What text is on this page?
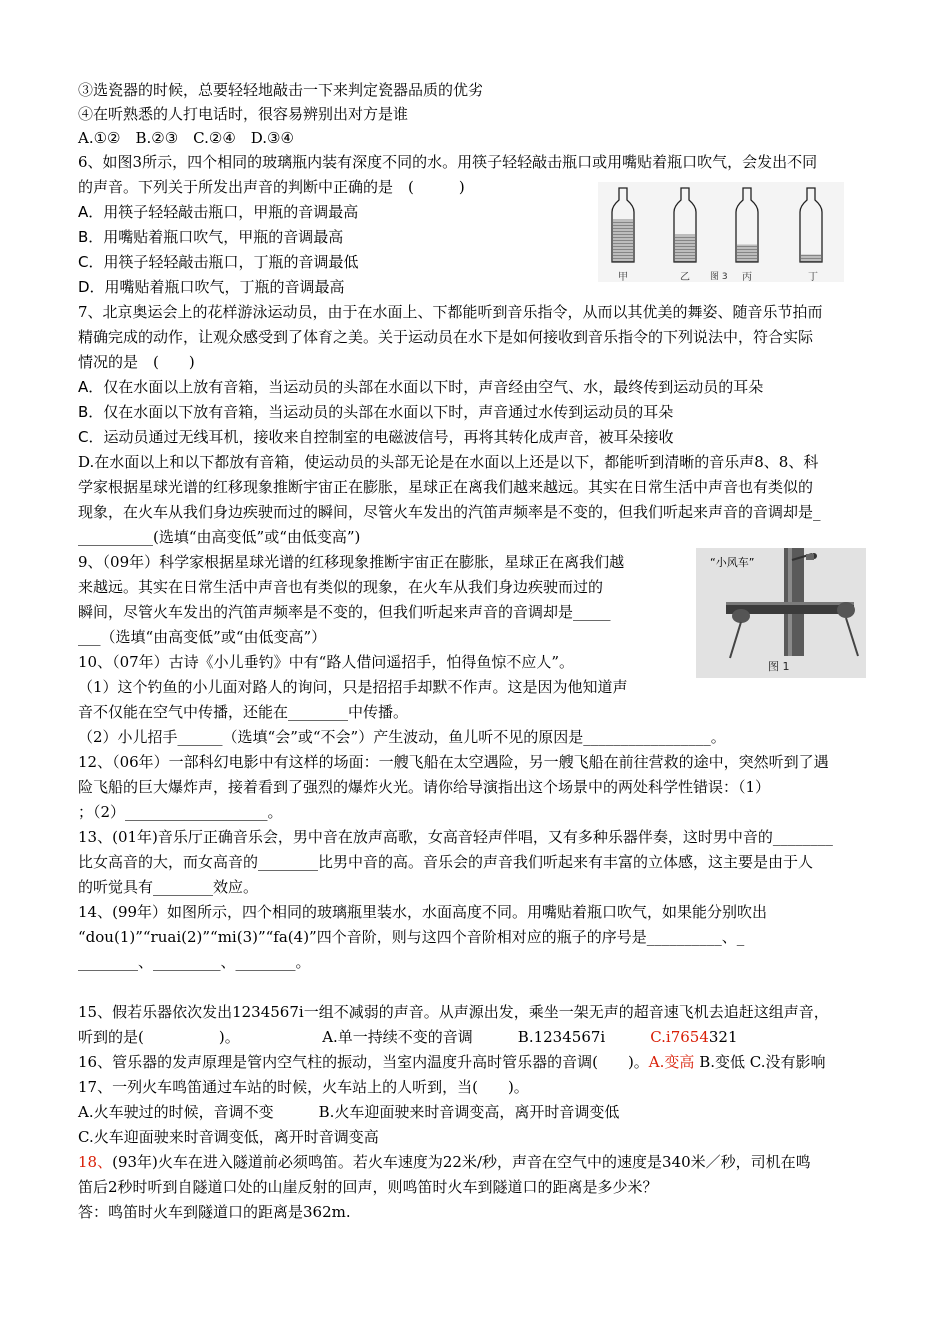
③选瓷器的时候，总要轻轻地敲击一下来判定瓷器品质的优劣
④在听熟悉的人打电话时，很容易辨别出对方是谁
A.①②　B.②③　C.②④　D.③④
6、如图3所示，四个相同的玻璃瓶内装有深度不同的水。用筷子轻轻敲击瓶口或用嘴贴着瓶口吹气，会发出不同
的声音。下列关于所发出声音的判断中正确的是　(　　　)
A．用筷子轻轻敲击瓶口，甲瓶的音调最高
B．用嘴贴着瓶口吹气，甲瓶的音调最高
C．用筷子轻轻敲击瓶口，丁瓶的音调最低
D．用嘴贴着瓶口吹气，丁瓶的音调最高
7、北京奥运会上的花样游泳运动员，由于在水面上、下都能听到音乐指令，从而以其优美的舞姿、随音乐节拍而
精确完成的动作，让观众感受到了体育之美。关于运动员在水下是如何接收到音乐指令的下列说法中，符合实际
情况的是　(　　)
A．仅在水面以上放有音箱，当运动员的头部在水面以下时，声音经由空气、水，最终传到运动员的耳朵
B．仅在水面以下放有音箱，当运动员的头部在水面以下时，声音通过水传到运动员的耳朵
C．运动员通过无线耳机，接收来自控制室的电磁波信号，再将其转化成声音，被耳朵接收
D.在水面以上和以下都放有音箱，使运动员的头部无论是在水面以上还是以下，都能听到清晰的音乐声8、8、科
学家根据星球光谱的红移现象推断宇宙正在膨胀，星球正在离我们越来越远。其实在日常生活中声音也有类似的
现象，在火车从我们身边疾驶而过的瞬间，尽管火车发出的汽笛声频率是不变的，但我们听起来声音的音调却是_
__________(选填“由高变低”或“由低变高”)
9、（09年）科学家根据星球光谱的红移现象推断宇宙正在膨胀，星球正在离我们越
来越远。其实在日常生活中声音也有类似的现象，在火车从我们身边疾驶而过的
瞬间，尽管火车发出的汽笛声频率是不变的，但我们听起来声音的音调却是_____
___（选填“由高变低”或“由低变高”）
10、（07年）古诗《小儿垂钓》中有“路人借问遥招手，怕得鱼惊不应人”。
（1）这个钓鱼的小儿面对路人的询问，只是招招手却默不作声。这是因为他知道声
音不仅能在空气中传播，还能在________中传播。
（2）小儿招手______（选填“会”或“不会”）产生波动，鱼儿听不见的原因是_________________。
12、（06年）一部科幻电影中有这样的场面：一艘飞船在太空遇险，另一艘飞船在前往营救的途中，突然听到了遇
险飞船的巨大爆炸声，接着看到了强烈的爆炸火光。请你给导演指出这个场景中的两处科学性错误：（1）
；（2）___________________。
13、(01年)音乐厅正确音乐会，男中音在放声高歌，女高音轻声伴唱，又有多种乐器伴奏，这时男中音的________
比女高音的大，而女高音的________比男中音的高。音乐会的声音我们听起来有丰富的立体感，这主要是由于人
的听觉具有________效应。
14、(99年）如图所示，四个相同的玻璃瓶里装水，水面高度不同。用嘴贴着瓶口吹气，如果能分别吹出
“dou(1)”“ruai(2)”“mi(3)”“fa(4)”四个音阶，则与这四个音阶相对应的瓶子的序号是__________、_
________、_________、________。
15、假若乐器依次发出1234567i一组不减弱的声音。从声源出发，乘坐一架无声的超音速飞机去追赶这组声音，
听到的是(　　　　　)。　　　　　　A.单一持续不变的音调　　　B.1234567i　　　C.i7654321
16、管乐器的发声原理是管内空气柱的振动，当室内温度升高时管乐器的音调(　　)。A.变高 B.变低 C.没有影响
17、一列火车鸣笛通过车站的时候，火车站上的人听到，当(　　)。
A.火车驶过的时候，音调不变　　　B.火车迎面驶来时音调变高，离开时音调变低
C.火车迎面驶来时音调变低，离开时音调变高
18、(93年)火车在进入隧道前必须鸣笛。若火车速度为22米/秒，声音在空气中的速度是340米／秒，司机在鸣
笛后2秒时听到自隧道口处的山崖反射的回声，则鸣笛时火车到隧道口的距离是多少米？
答：鸣笛时火车到隧道口的距离是362m.
甲	乙	丙	丁
图 3
“小风车”
图 1
